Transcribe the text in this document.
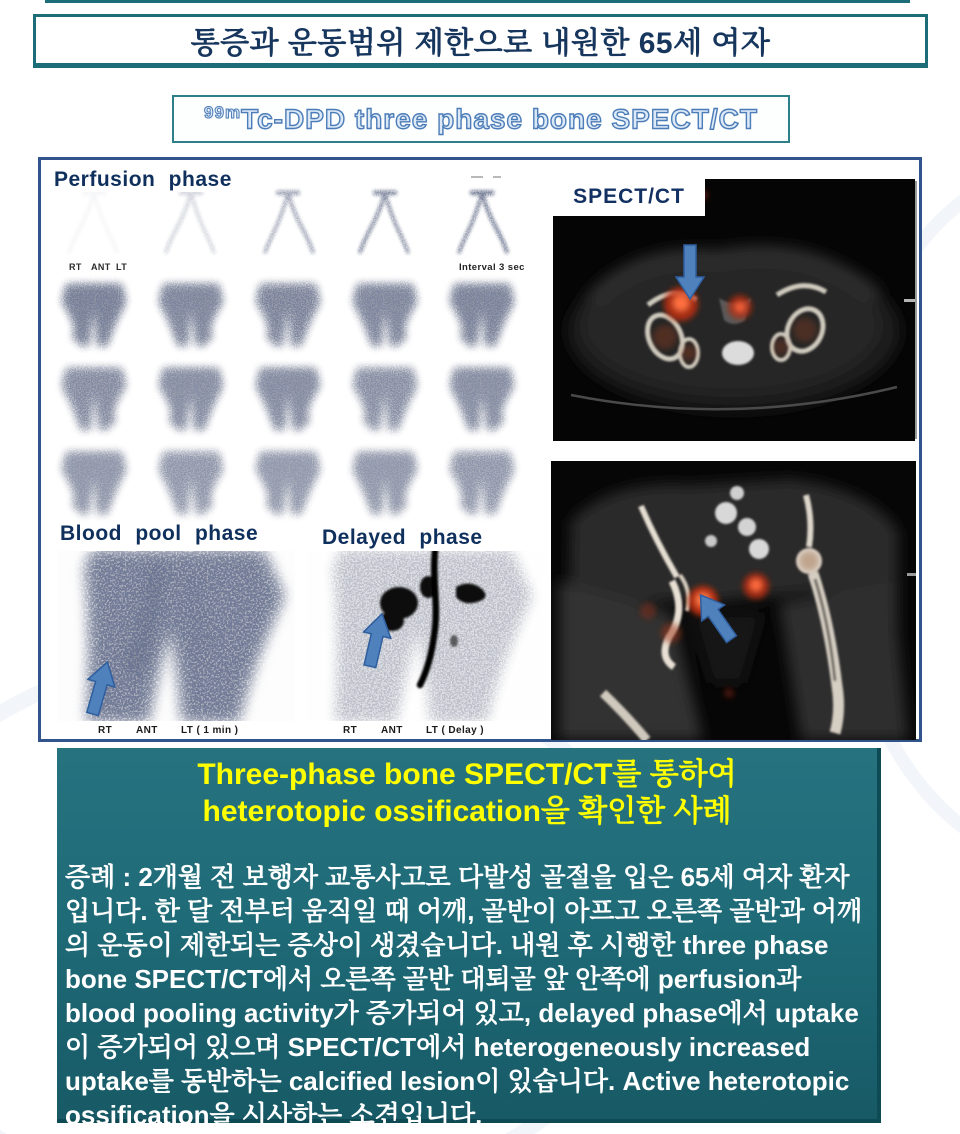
통증과 운동범위 제한으로 내원한 65세 여자
$^{99m}$Tc-DPD three phase bone SPECT/CT
Perfusion phase
RT ANT LT	Interval 3 sec
Blood pool phase	Delayed phase
RT ANT LT ( 1 min )	RT ANT LT ( Delay )
SPECT/CT
Three-phase bone SPECT/CT를 통하여
heterotopic ossification을 확인한 사례
증례 : 2개월 전 보행자 교통사고로 다발성 골절을 입은 65세 여자 환자입니다. 한 달 전부터 움직일 때 어깨, 골반이 아프고 오른쪽 골반과 어깨의 운동이 제한되는 증상이 생겼습니다. 내원 후 시행한 three phase bone SPECT/CT에서 오른쪽 골반 대퇴골 앞 안쪽에 perfusion과 blood pooling activity가 증가되어 있고, delayed phase에서 uptake이 증가되어 있으며 SPECT/CT에서 heterogeneously increased uptake를 동반하는 calcified lesion이 있습니다. Active heterotopic ossification을 시사하는 소견입니다.
